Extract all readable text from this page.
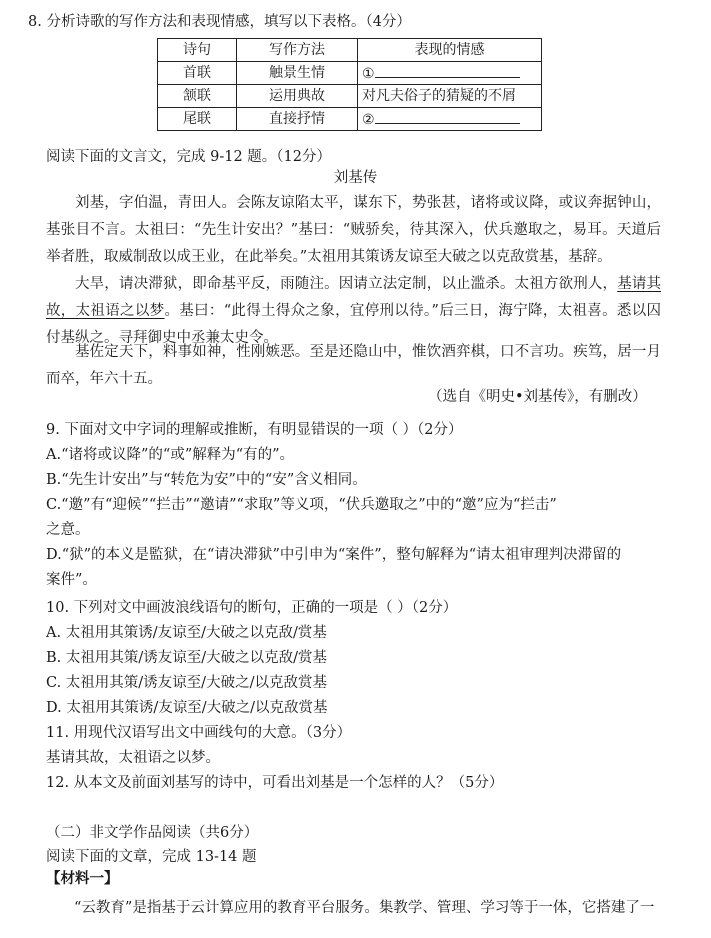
8. 分析诗歌的写作方法和表现情感，填写以下表格。（4分）
诗句	写作方法	表现的情感
首联	触景生情	①
颔联	运用典故	对凡夫俗子的猜疑的不屑
尾联	直接抒情	②
阅读下面的文言文，完成 9-12 题。（12分）
刘基传
刘基，字伯温，青田人。会陈友谅陷太平，谋东下，势张甚，诸将或议降，或议奔据钟山，基张目不言。太祖曰：“先生计安出？”基曰：“贼骄矣，待其深入，伏兵邀取之，易耳。天道后举者胜，取威制敌以成王业，在此举矣。”太祖用其策诱友谅至大破之以克敌赏基，基辞。
大旱，请决滞狱，即命基平反，雨随注。因请立法定制，以止滥杀。太祖方欲刑人，基请其故，太祖语之以梦。基曰：“此得土得众之象，宜停刑以待。”后三日，海宁降，太祖喜。悉以囚付基纵之。寻拜御史中丞兼太史令。
基佐定天下，料事如神，性刚嫉恶。至是还隐山中，惟饮酒弈棋，口不言功。疾笃，居一月而卒，年六十五。
（选自《明史•刘基传》，有删改）
9. 下面对文中字词的理解或推断，有明显错误的一项（ ）（2分）
A.“诸将或议降”的“或”解释为“有的”。
B.“先生计安出”与“转危为安”中的“安”含义相同。
C.“邀”有“迎候”“拦击”“邀请”“求取”等义项，“伏兵邀取之”中的“邀”应为“拦击”
之意。
D.“狱”的本义是監狱，在“请决滞狱”中引申为“案件”，整句解释为“请太祖审理判决滞留的
案件”。
10. 下列对文中画波浪线语句的断句，正确的一项是（ ）（2分）
A. 太祖用其策诱/友谅至/大破之以克敌/赏基
B. 太祖用其策/诱友谅至/大破之以克敌/赏基
C. 太祖用其策/诱友谅至/大破之/以克敌赏基
D. 太祖用其策诱/友谅至/大破之/以克敌赏基
11. 用现代汉语写出文中画线句的大意。（3分）
基请其故，太祖语之以梦。
12. 从本文及前面刘基写的诗中，可看出刘基是一个怎样的人？（5分）
（二）非文学作品阅读（共6分）
阅读下面的文章，完成 13-14 题
【材料一】
“云教育”是指基于云计算应用的教育平台服务。集教学、管理、学习等于一体，它搭建了一
